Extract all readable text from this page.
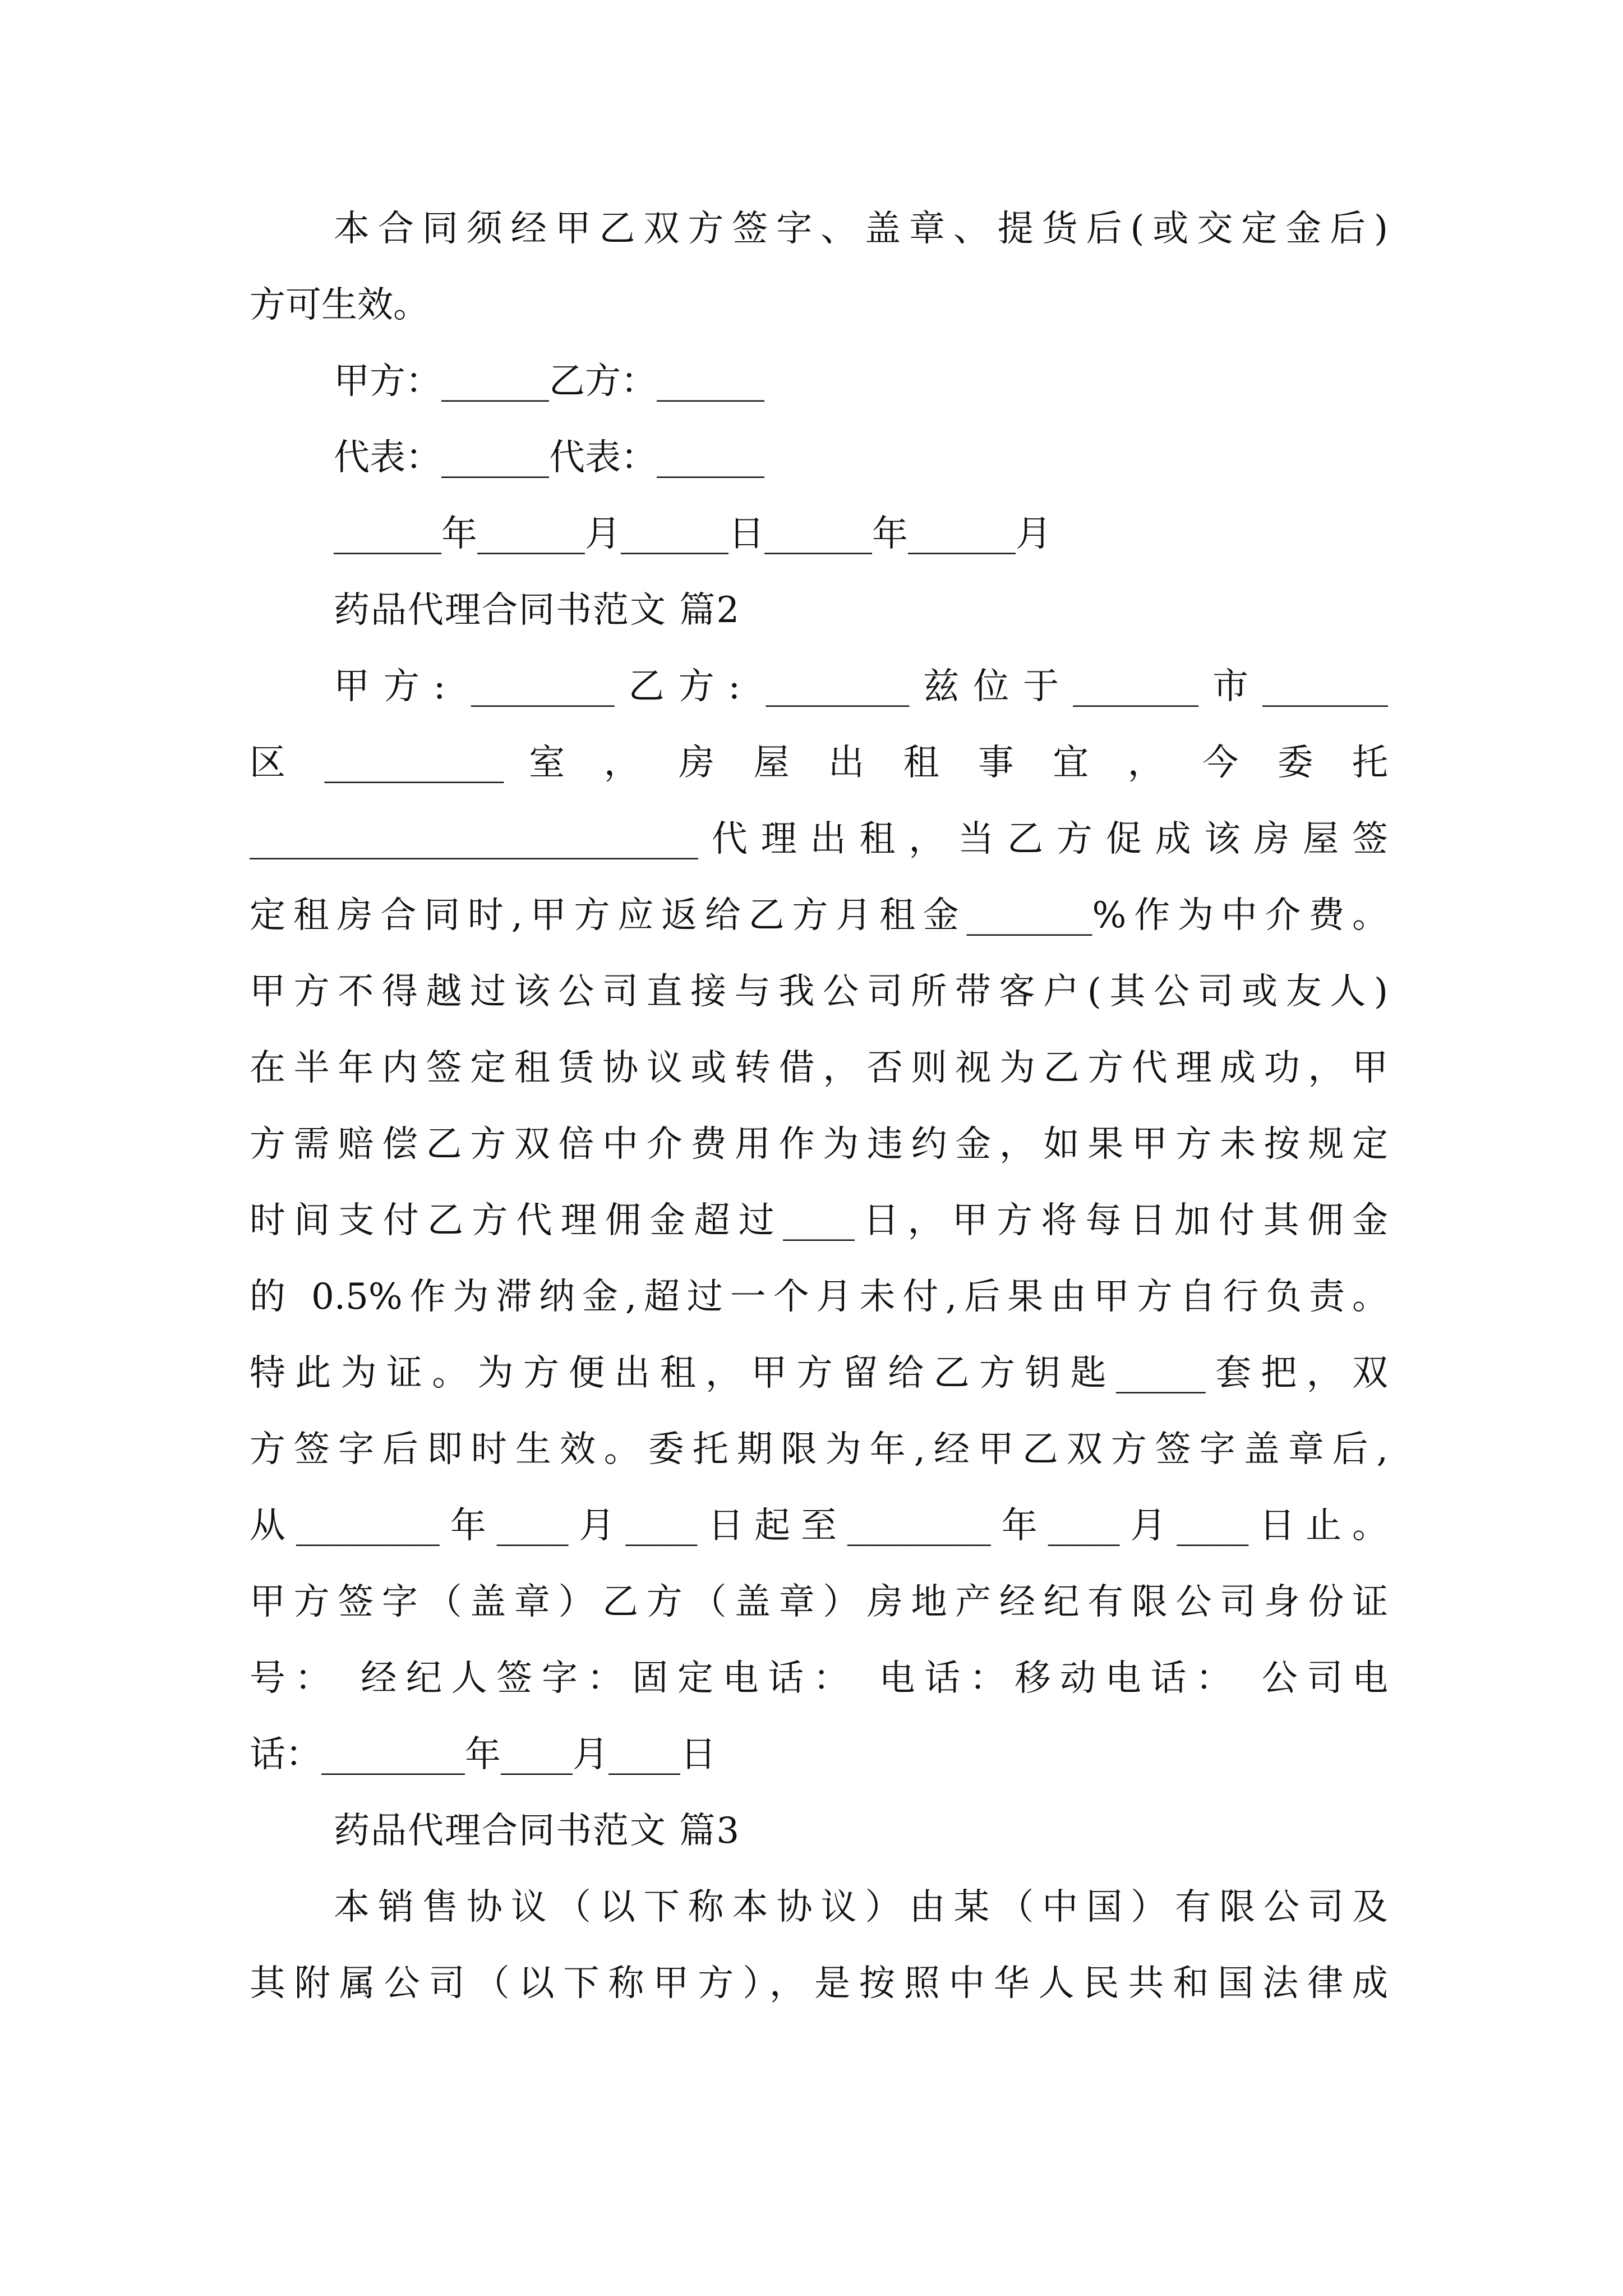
本合同须经甲乙双方签字、盖章、提货后(或交定金后)
方可生效。
甲方：______乙方：______
代表：______代表：______
______年______月______日______年______月
药品代理合同书范文 篇2
甲方: ________乙方: ________兹位于_______市_______
区 __________ 室 ， 房 屋 出 租 事 宜 ， 今 委 托
_________________________代理出租，当乙方促成该房屋签
定租房合同时,甲方应返给乙方月租金_______%作为中介费。
甲方不得越过该公司直接与我公司所带客户(其公司或友人)
在半年内签定租赁协议或转借，否则视为乙方代理成功，甲
方需赔偿乙方双倍中介费用作为违约金，如果甲方未按规定
时间支付乙方代理佣金超过____日，甲方将每日加付其佣金
的 0.5%作为滞纳金,超过一个月未付,后果由甲方自行负责。
特此为证。为方便出租，甲方留给乙方钥匙_____套把，双
方签字后即时生效。委托期限为年,经甲乙双方签字盖章后,
从________年____月____日起至________年____月____日止。
甲方签字（盖章）乙方（盖章）房地产经纪有限公司身份证
号： 经纪人签字：固定电话： 电话：移动电话： 公司电
话：________年____月____日
药品代理合同书范文 篇3
本销售协议（以下称本协议）由某（中国）有限公司及
其附属公司（以下称甲方），是按照中华人民共和国法律成
